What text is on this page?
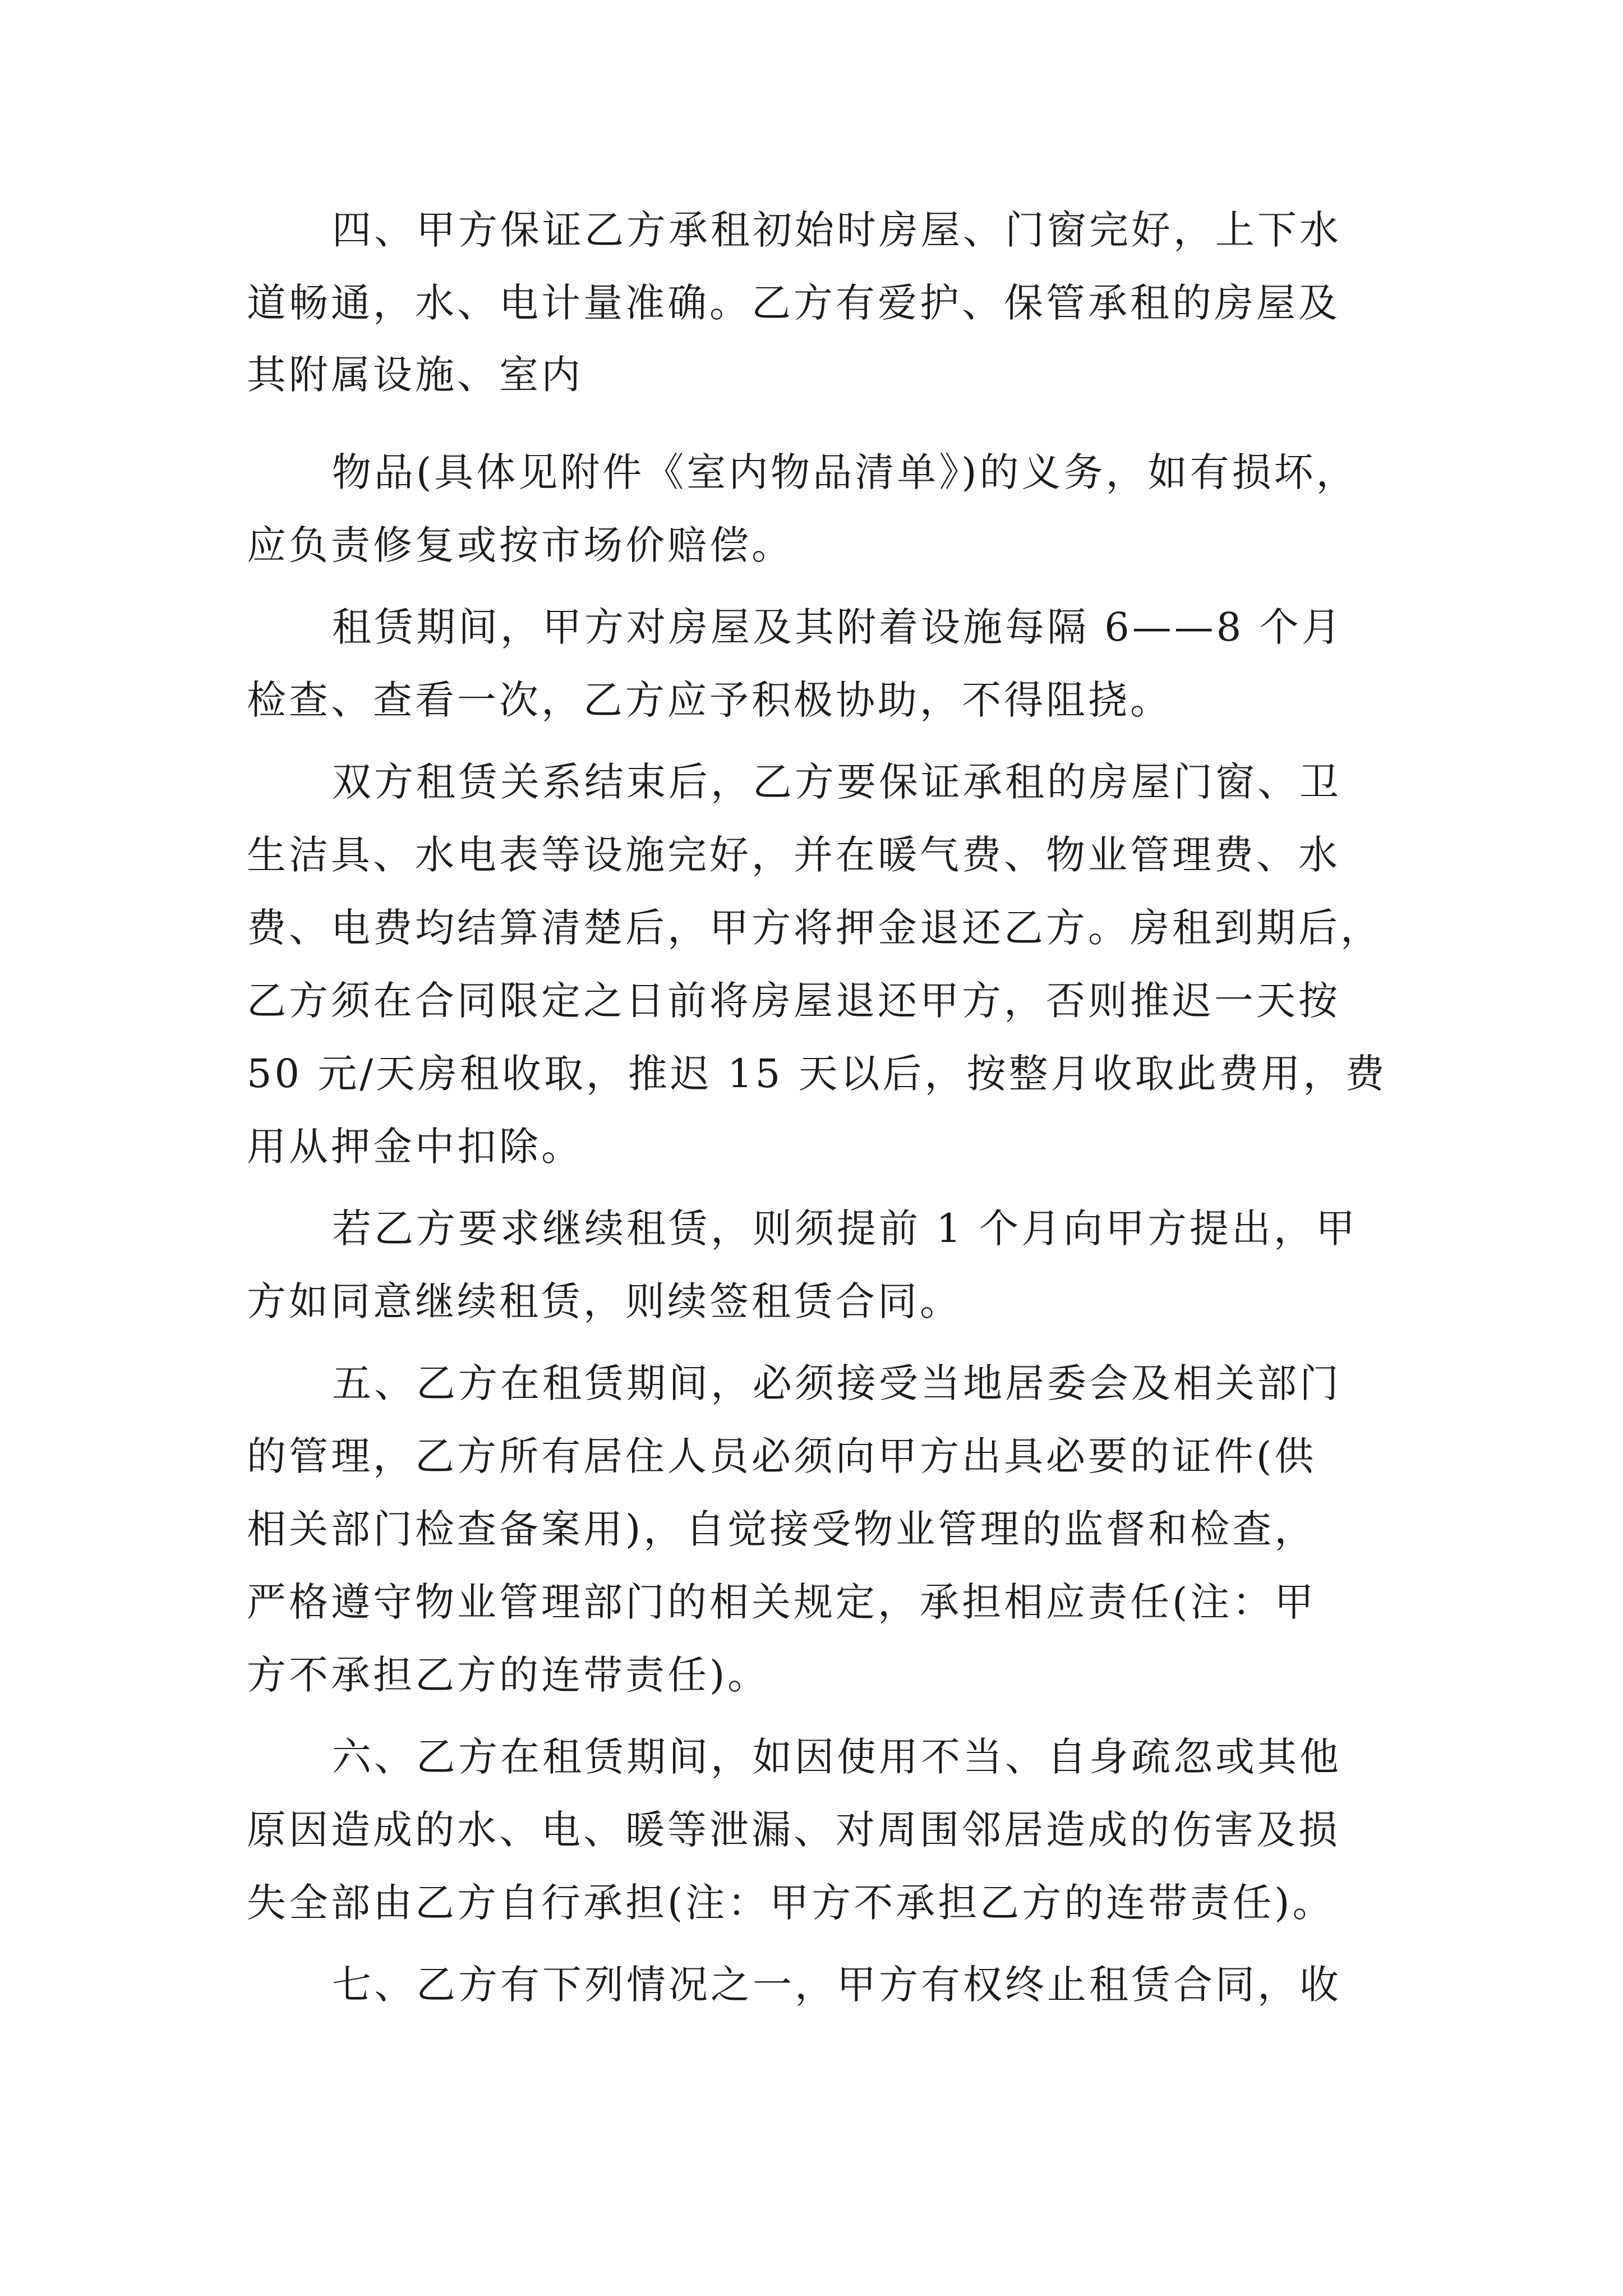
四、甲方保证乙方承租初始时房屋、门窗完好，上下水
道畅通，水、电计量准确。乙方有爱护、保管承租的房屋及
其附属设施、室内
物品(具体见附件《室内物品清单》)的义务，如有损坏，
应负责修复或按市场价赔偿。
租赁期间，甲方对房屋及其附着设施每隔 6——8 个月
检查、查看一次，乙方应予积极协助，不得阻挠。
双方租赁关系结束后，乙方要保证承租的房屋门窗、卫
生洁具、水电表等设施完好，并在暖气费、物业管理费、水
费、电费均结算清楚后，甲方将押金退还乙方。房租到期后，
乙方须在合同限定之日前将房屋退还甲方，否则推迟一天按
50 元/天房租收取，推迟 15 天以后，按整月收取此费用，费
用从押金中扣除。
若乙方要求继续租赁，则须提前 1 个月向甲方提出，甲
方如同意继续租赁，则续签租赁合同。
五、乙方在租赁期间，必须接受当地居委会及相关部门
的管理，乙方所有居住人员必须向甲方出具必要的证件(供
相关部门检查备案用)，自觉接受物业管理的监督和检查，
严格遵守物业管理部门的相关规定，承担相应责任(注：甲
方不承担乙方的连带责任)。
六、乙方在租赁期间，如因使用不当、自身疏忽或其他
原因造成的水、电、暖等泄漏、对周围邻居造成的伤害及损
失全部由乙方自行承担(注：甲方不承担乙方的连带责任)。
七、乙方有下列情况之一，甲方有权终止租赁合同，收
